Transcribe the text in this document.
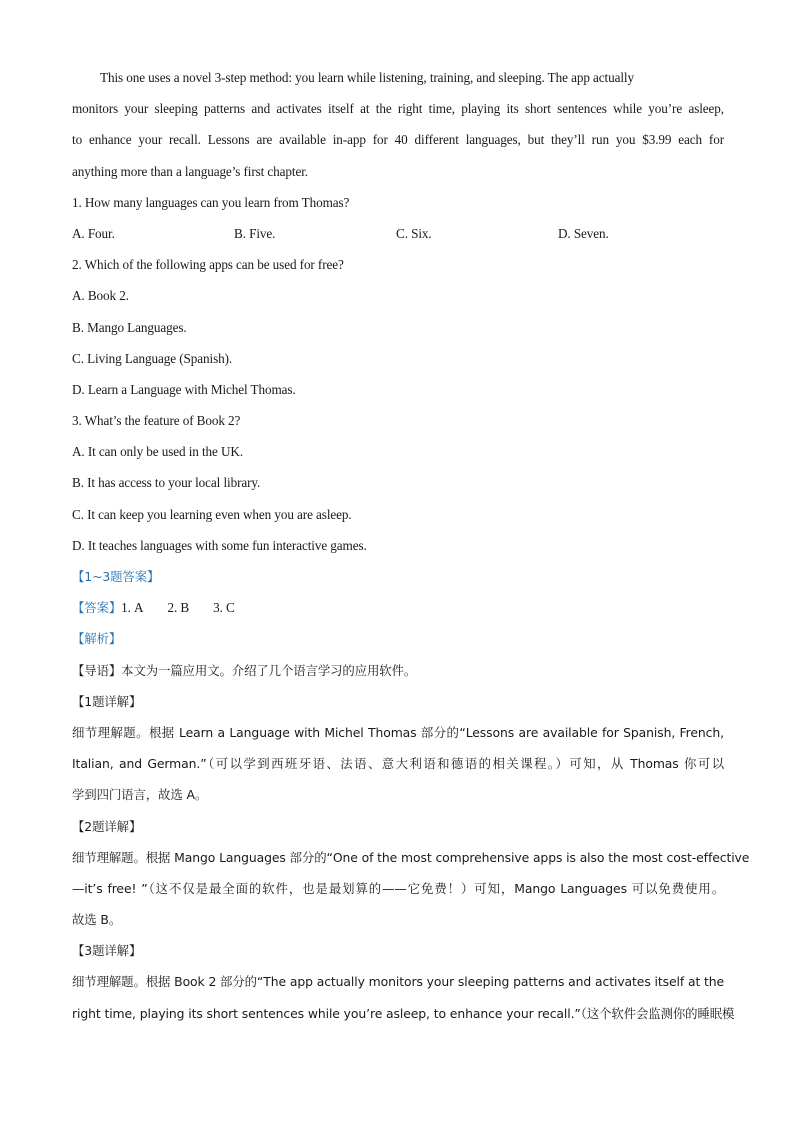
This one uses a novel 3-step method: you learn while listening, training, and sleeping. The app actually
monitors your sleeping patterns and activates itself at the right time, playing its short sentences while you’re asleep,
to enhance your recall. Lessons are available in-app for 40 different languages, but they’ll run you $3.99 each for
anything more than a language’s first chapter.
1. How many languages can you learn from Thomas?
A. Four.	B. Five.	C. Six.	D. Seven.
2. Which of the following apps can be used for free?
A. Book 2.
B. Mango Languages.
C. Living Language (Spanish).
D. Learn a Language with Michel Thomas.
3. What’s the feature of Book 2?
A. It can only be used in the UK.
B. It has access to your local library.
C. It can keep you learning even when you are asleep.
D. It teaches languages with some fun interactive games.
【1~3题答案】
【答案】1. A 2. B 3. C
【解析】
【导语】本文为一篇应用文。介绍了几个语言学习的应用软件。
【1题详解】
细节理解题。根据 Learn a Language with Michel Thomas 部分的“Lessons are available for Spanish, French,
Italian, and German.”（可以学到西班牙语、法语、意大利语和德语的相关课程。）可知，从 Thomas 你可以
学到四门语言，故选 A。
【2题详解】
细节理解题。根据 Mango Languages 部分的“One of the most comprehensive apps is also the most cost-effective
—it’s free! ”（这不仅是最全面的软件，也是最划算的——它免费！）可知，Mango Languages 可以免费使用。
故选 B。
【3题详解】
细节理解题。根据 Book 2 部分的“The app actually monitors your sleeping patterns and activates itself at the
right time, playing its short sentences while you’re asleep, to enhance your recall.”（这个软件会监测你的睡眠模
